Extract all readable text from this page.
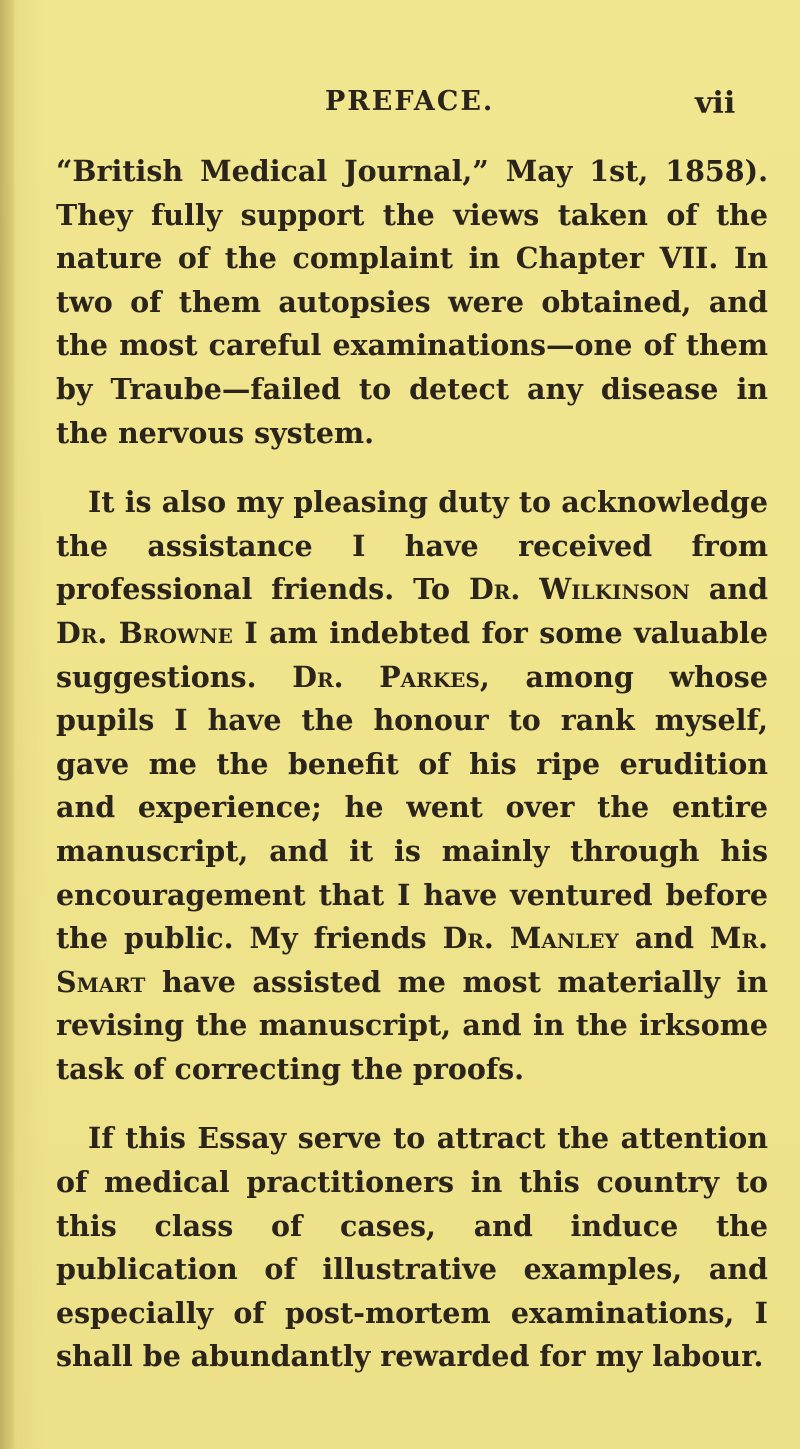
PREFACE.	vii

“British Medical Journal,” May 1st, 1858). They fully support the views taken of the nature of the complaint in Chapter VII. In two of them autopsies were obtained, and the most careful examinations—one of them by Traube—failed to detect any disease in the nervous system.

It is also my pleasing duty to acknowledge the assistance I have received from professional friends. To Dr. Wilkinson and Dr. Browne I am indebted for some valuable suggestions. Dr. Parkes, among whose pupils I have the honour to rank myself, gave me the benefit of his ripe erudition and experience; he went over the entire manuscript, and it is mainly through his encouragement that I have ventured before the public. My friends Dr. Manley and Mr. Smart have assisted me most materially in revising the manuscript, and in the irksome task of correcting the proofs.

If this Essay serve to attract the attention of medical practitioners in this country to this class of cases, and induce the publication of illustrative examples, and especially of post-mortem examinations, I shall be abundantly rewarded for my labour.
